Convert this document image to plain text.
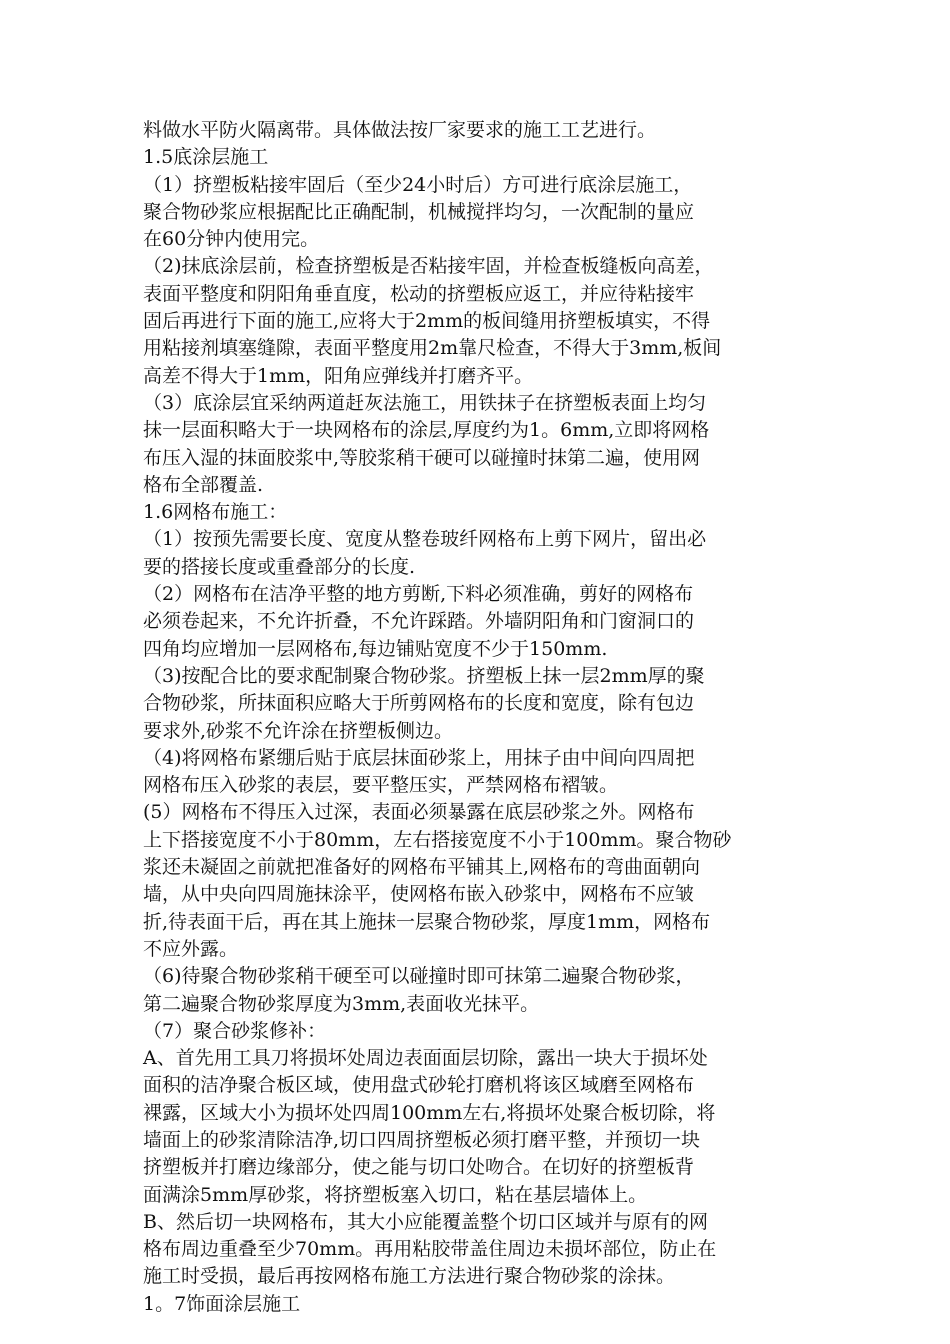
料做水平防火隔离带。具体做法按厂家要求的施工工艺进行。
1.5底涂层施工
（1）挤塑板粘接牢固后（至少24小时后）方可进行底涂层施工，
聚合物砂浆应根据配比正确配制，机械搅拌均匀，一次配制的量应
在60分钟内使用完。
（2)抹底涂层前，检查挤塑板是否粘接牢固，并检查板缝板向高差，
表面平整度和阴阳角垂直度，松动的挤塑板应返工，并应待粘接牢
固后再进行下面的施工,应将大于2mm的板间缝用挤塑板填实，不得
用粘接剂填塞缝隙，表面平整度用2m靠尺检查，不得大于3mm,板间
高差不得大于1mm，阳角应弹线并打磨齐平。
（3）底涂层宜采纳两道赶灰法施工，用铁抹子在挤塑板表面上均匀
抹一层面积略大于一块网格布的涂层,厚度约为1。6mm,立即将网格
布压入湿的抹面胶浆中,等胶浆稍干硬可以碰撞时抹第二遍，使用网
格布全部覆盖.
1.6网格布施工：
（1）按预先需要长度、宽度从整卷玻纤网格布上剪下网片，留出必
要的搭接长度或重叠部分的长度.
（2）网格布在洁净平整的地方剪断,下料必须准确，剪好的网格布
必须卷起来，不允许折叠，不允许踩踏。外墙阴阳角和门窗洞口的
四角均应增加一层网格布,每边铺贴宽度不少于150mm.
（3)按配合比的要求配制聚合物砂浆。挤塑板上抹一层2mm厚的聚
合物砂浆，所抹面积应略大于所剪网格布的长度和宽度，除有包边
要求外,砂浆不允许涂在挤塑板侧边。
（4)将网格布紧绷后贴于底层抹面砂浆上，用抹子由中间向四周把
网格布压入砂浆的表层，要平整压实，严禁网格布褶皱。
(5）网格布不得压入过深，表面必须暴露在底层砂浆之外。网格布
上下搭接宽度不小于80mm，左右搭接宽度不小于100mm。聚合物砂
浆还未凝固之前就把准备好的网格布平铺其上,网格布的弯曲面朝向
墙，从中央向四周施抹涂平，使网格布嵌入砂浆中，网格布不应皱
折,待表面干后，再在其上施抹一层聚合物砂浆，厚度1mm，网格布
不应外露。
（6)待聚合物砂浆稍干硬至可以碰撞时即可抹第二遍聚合物砂浆，
第二遍聚合物砂浆厚度为3mm,表面收光抹平。
（7）聚合砂浆修补：
A、首先用工具刀将损坏处周边表面面层切除，露出一块大于损坏处
面积的洁净聚合板区域，使用盘式砂轮打磨机将该区域磨至网格布
裸露，区域大小为损坏处四周100mm左右,将损坏处聚合板切除，将
墙面上的砂浆清除洁净,切口四周挤塑板必须打磨平整，并预切一块
挤塑板并打磨边缘部分，使之能与切口处吻合。在切好的挤塑板背
面满涂5mm厚砂浆，将挤塑板塞入切口，粘在基层墙体上。
B、然后切一块网格布，其大小应能覆盖整个切口区域并与原有的网
格布周边重叠至少70mm。再用粘胶带盖住周边未损坏部位，防止在
施工时受损，最后再按网格布施工方法进行聚合物砂浆的涂抹。
1。7饰面涂层施工
